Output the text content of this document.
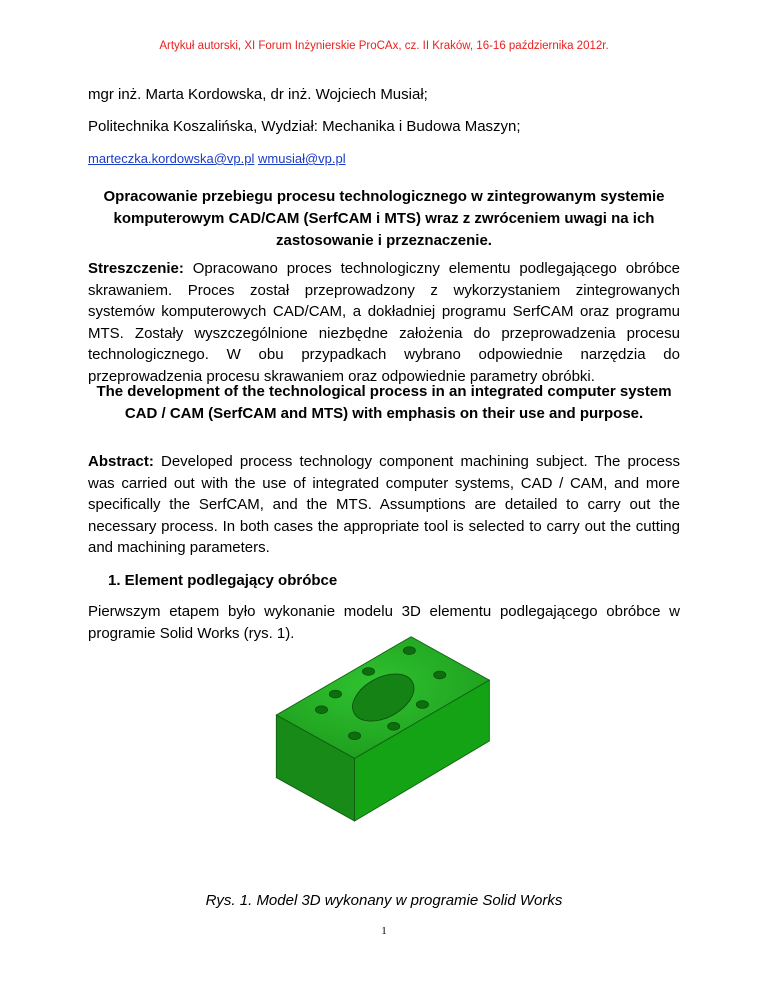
Artykuł autorski, XI Forum Inżynierskie ProCAx, cz. II Kraków, 16-16 października 2012r.
mgr inż. Marta Kordowska, dr inż. Wojciech Musiał;
Politechnika Koszalińska, Wydział: Mechanika i Budowa Maszyn;
marteczka.kordowska@vp.pl wmusiał@vp.pl
Opracowanie przebiegu procesu technologicznego w zintegrowanym systemie komputerowym CAD/CAM (SerfCAM i MTS) wraz z zwróceniem uwagi na ich zastosowanie i przeznaczenie.
Streszczenie: Opracowano proces technologiczny elementu podlegającego obróbce skrawaniem. Proces został przeprowadzony z wykorzystaniem zintegrowanych systemów komputerowych CAD/CAM, a dokładniej programu SerfCAM oraz programu MTS. Zostały wyszczególnione niezbędne założenia do przeprowadzenia procesu technologicznego. W obu przypadkach wybrano odpowiednie narzędzia do przeprowadzenia procesu skrawaniem oraz odpowiednie parametry obróbki.
The development of the technological process in an integrated computer system CAD / CAM (SerfCAM and MTS) with emphasis on their use and purpose.
Abstract: Developed process technology component machining subject. The process was carried out with the use of integrated computer systems, CAD / CAM, and more specifically the SerfCAM, and the MTS. Assumptions are detailed to carry out the necessary process. In both cases the appropriate tool is selected to carry out the cutting and machining parameters.
1. Element podlegający obróbce
Pierwszym etapem było wykonanie modelu 3D elementu podlegającego obróbce w programie Solid Works (rys. 1).
Rys. 1. Model 3D wykonany w programie Solid Works
1
